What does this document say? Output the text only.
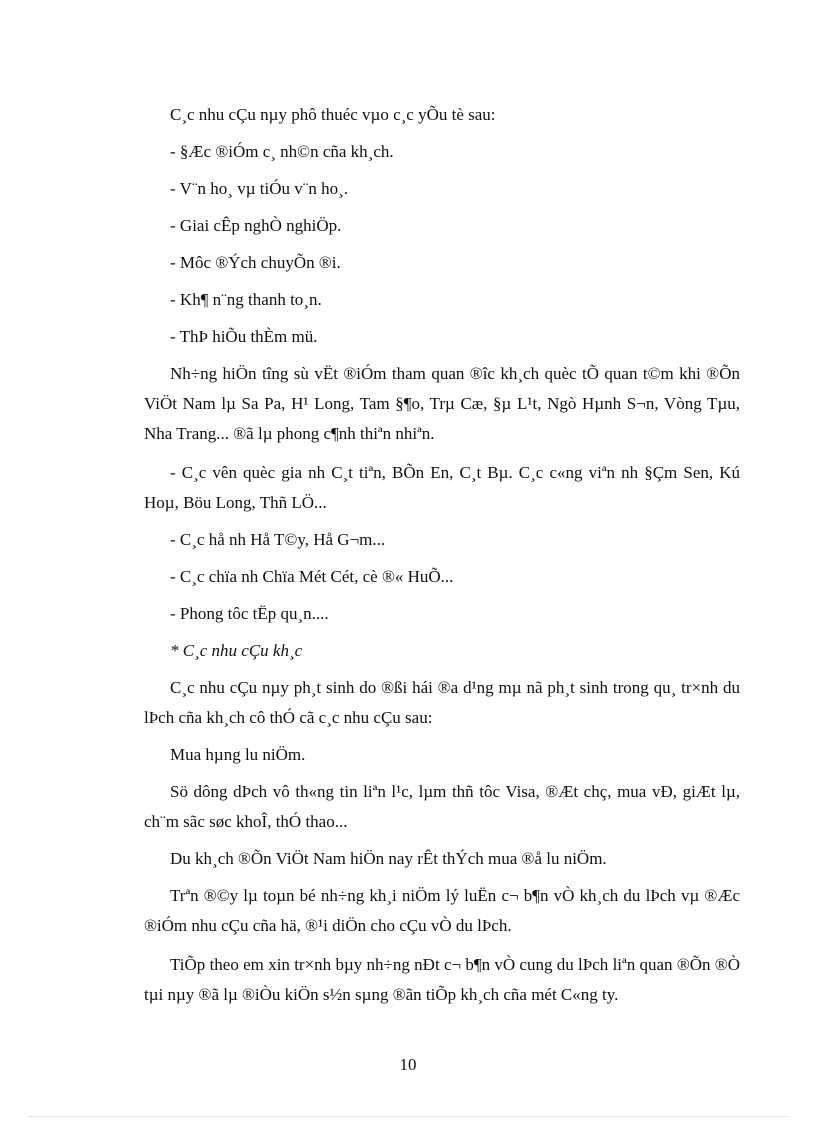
C¸c nhu cÇu nµy phô thuéc vµo c¸c yÕu tè sau:

- §Æc ®iÓm c¸ nh©n cña kh¸ch.

- V¨n ho¸ vµ tiÓu v¨n ho¸.

- Giai cÊp nghÒ nghiÖp.

- Môc ®Ých chuyÕn ®i.

- Kh¶ n¨ng thanh to¸n.

- ThÞ hiÕu thÈm mü.

Nh÷ng hiÖn tîng sù vËt ®iÓm tham quan ®îc kh¸ch quèc tÕ quan t©m khi ®Õn ViÖt Nam lµ Sa Pa, H¹ Long, Tam §¶o, Trµ Cæ, §µ L¹t, Ngò Hµnh S¬n, Vòng Tµu, Nha Trang... ®ã lµ phong c¶nh thiªn nhiªn.

- C¸c vên quèc gia nh C¸t tiªn, BÕn En, C¸t Bµ. C¸c c«ng viªn nh §Çm Sen, Kú Hoµ, Böu Long, Thñ LÖ...

- C¸c hå nh Hå T©y, Hå G¬m...

- C¸c chïa nh Chïa Mét Cét, cè ®« HuÕ...

- Phong tôc tËp qu¸n....

* C¸c nhu cÇu kh¸c

C¸c nhu cÇu nµy ph¸t sinh do ®ßi hái ®a d¹ng mµ nã ph¸t sinh trong qu¸ tr×nh du lÞch cña kh¸ch cô thÓ cã c¸c nhu cÇu sau:

Mua hµng lu niÖm.

Sö dông dÞch vô th«ng tin liªn l¹c, lµm thñ tôc Visa, ®Æt chç, mua vÐ, giÆt lµ, ch¨m sãc søc khoÎ, thÓ thao...

Du kh¸ch ®Õn ViÖt Nam hiÖn nay rÊt thÝch mua ®å lu niÖm.

Trªn ®©y lµ toµn bé nh÷ng kh¸i niÖm lý luËn c¬ b¶n vÒ kh¸ch du lÞch vµ ®Æc ®iÓm nhu cÇu cña hä, ®¹i diÖn cho cÇu vÒ du lÞch.

TiÕp theo em xin tr×nh bµy nh÷ng nÐt c¬ b¶n vÒ cung du lÞch liªn quan ®Õn ®Ò tµi nµy ®ã lµ ®iÒu kiÖn s½n sµng ®ãn tiÕp kh¸ch cña mét C«ng ty.

10
